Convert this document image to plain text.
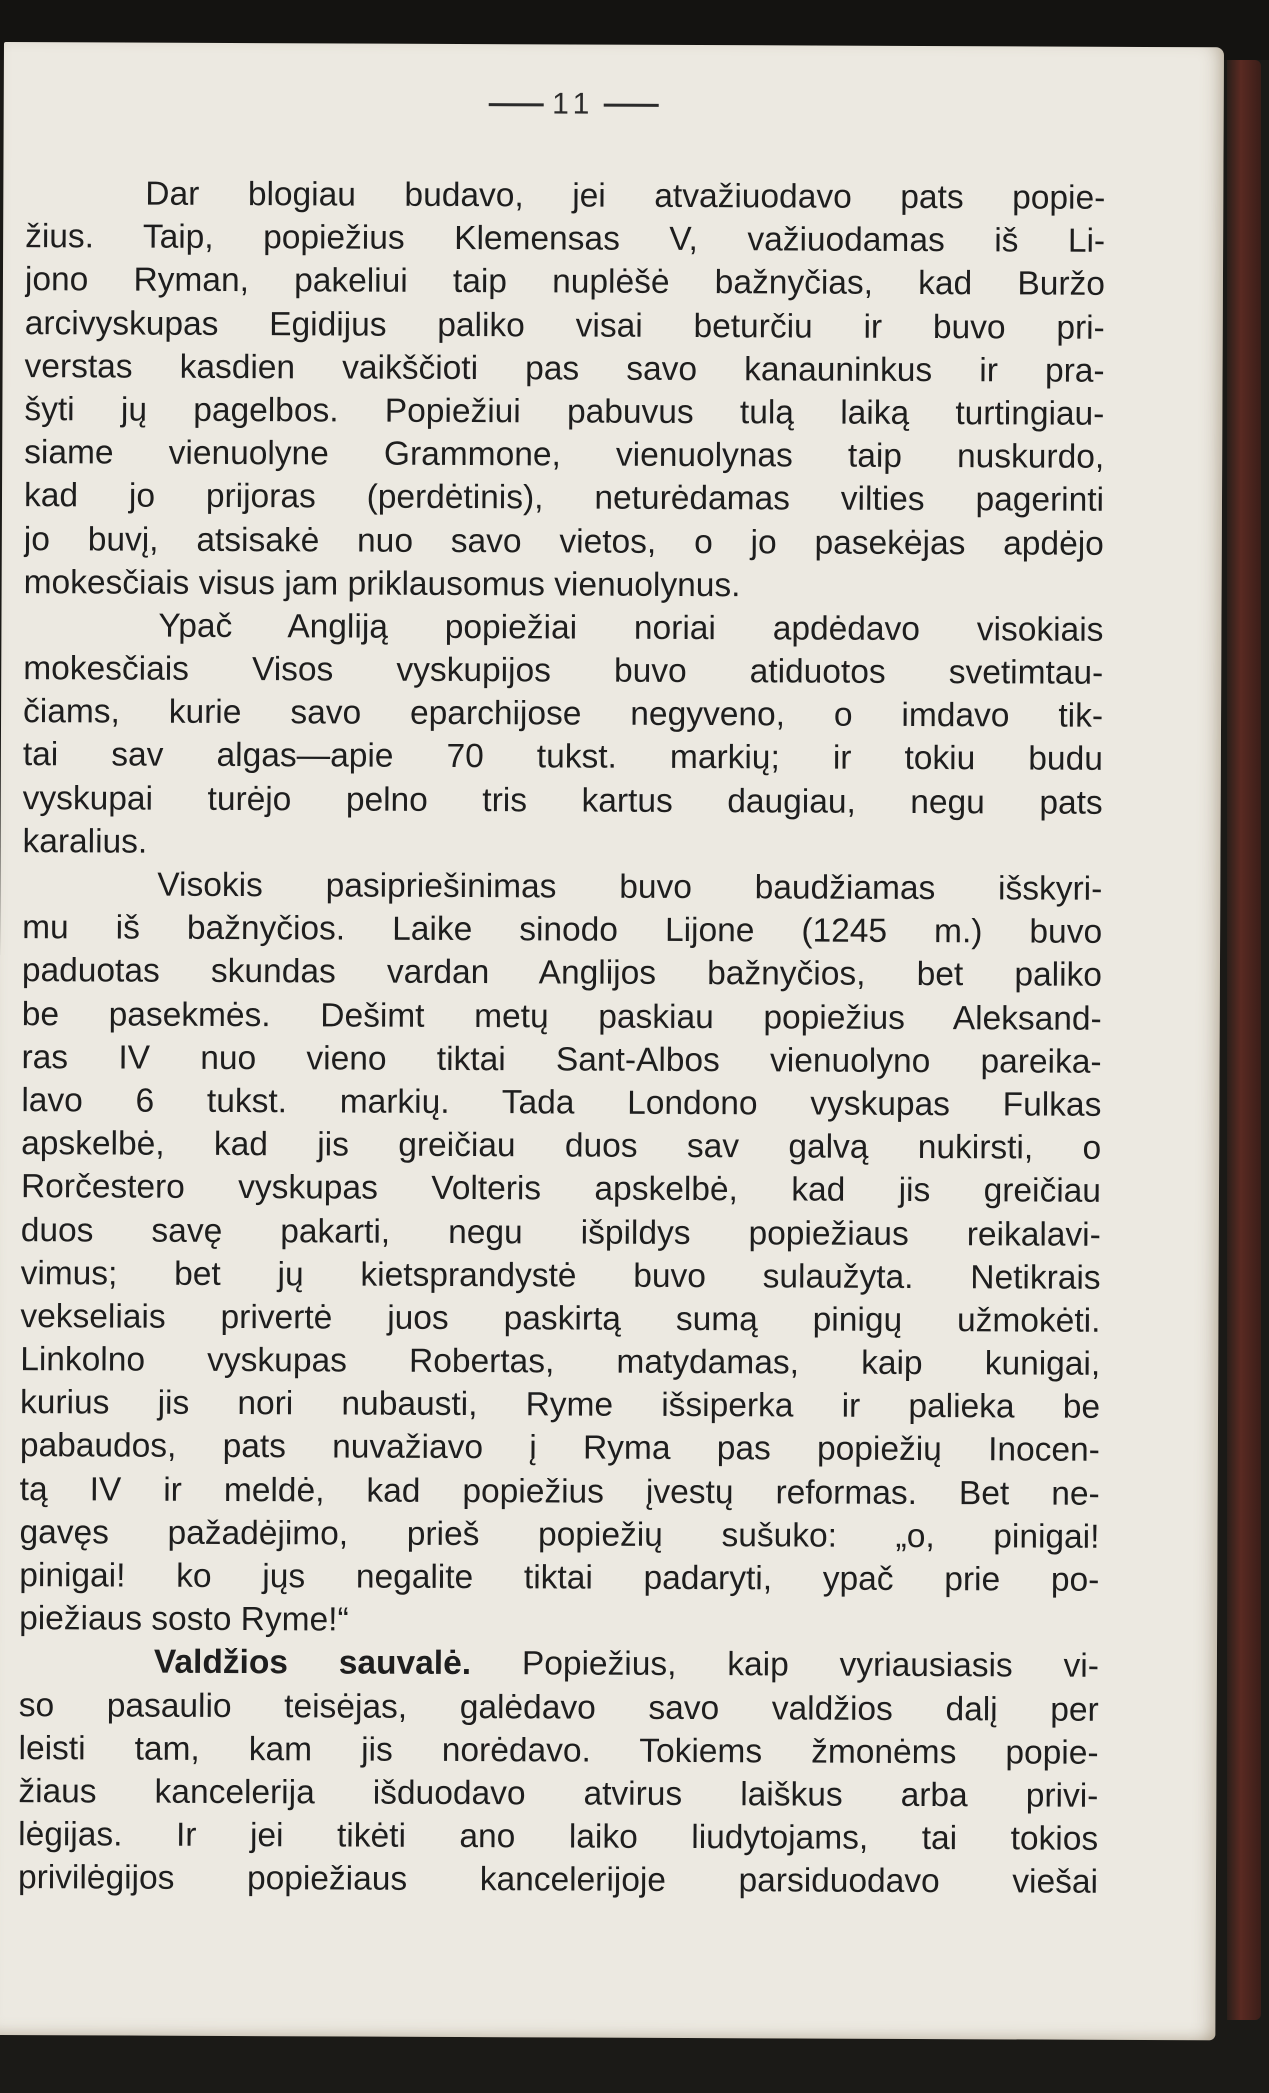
11
Dar blogiau budavo, jei atvažiuodavo pats popie-
žius. Taip, popiežius Klemensas V, važiuodamas iš Li-
jono Ryman, pakeliui taip nuplėšė bažnyčias, kad Buržo
arcivyskupas Egidijus paliko visai beturčiu ir buvo pri-
verstas kasdien vaikščioti pas savo kanauninkus ir pra-
šyti jų pagelbos. Popiežiui pabuvus tulą laiką turtingiau-
siame vienuolyne Grammone, vienuolynas taip nuskurdo,
kad jo prijoras (perdėtinis), neturėdamas vilties pagerinti
jo buvį, atsisakė nuo savo vietos, o jo pasekėjas apdėjo
mokesčiais visus jam priklausomus vienuolynus.
Ypač Angliją popiežiai noriai apdėdavo visokiais
mokesčiais Visos vyskupijos buvo atiduotos svetimtau-
čiams, kurie savo eparchijose negyveno, o imdavo tik-
tai sav algas—apie 70 tukst. markių; ir tokiu budu
vyskupai turėjo pelno tris kartus daugiau, negu pats
karalius.
Visokis pasipriešinimas buvo baudžiamas išskyri-
mu iš bažnyčios. Laike sinodo Lijone (1245 m.) buvo
paduotas skundas vardan Anglijos bažnyčios, bet paliko
be pasekmės. Dešimt metų paskiau popiežius Aleksand-
ras IV nuo vieno tiktai Sant-Albos vienuolyno pareika-
lavo 6 tukst. markių. Tada Londono vyskupas Fulkas
apskelbė, kad jis greičiau duos sav galvą nukirsti, o
Rorčestero vyskupas Volteris apskelbė, kad jis greičiau
duos savę pakarti, negu išpildys popiežiaus reikalavi-
vimus; bet jų kietsprandystė buvo sulaužyta. Netikrais
vekseliais privertė juos paskirtą sumą pinigų užmokėti.
Linkolno vyskupas Robertas, matydamas, kaip kunigai,
kurius jis nori nubausti, Ryme išsiperka ir palieka be
pabaudos, pats nuvažiavo į Ryma pas popiežių Inocen-
tą IV ir meldė, kad popiežius įvestų reformas. Bet ne-
gavęs pažadėjimo, prieš popiežių sušuko: „o, pinigai!
pinigai! ko jųs negalite tiktai padaryti, ypač prie po-
piežiaus sosto Ryme!“
Valdžios sauvalė. Popiežius, kaip vyriausiasis vi-
so pasaulio teisėjas, galėdavo savo valdžios dalį per
leisti tam, kam jis norėdavo. Tokiems žmonėms popie-
žiaus kancelerija išduodavo atvirus laiškus arba privi-
lėgijas. Ir jei tikėti ano laiko liudytojams, tai tokios
privilėgijos popiežiaus kancelerijoje parsiduodavo viešai
